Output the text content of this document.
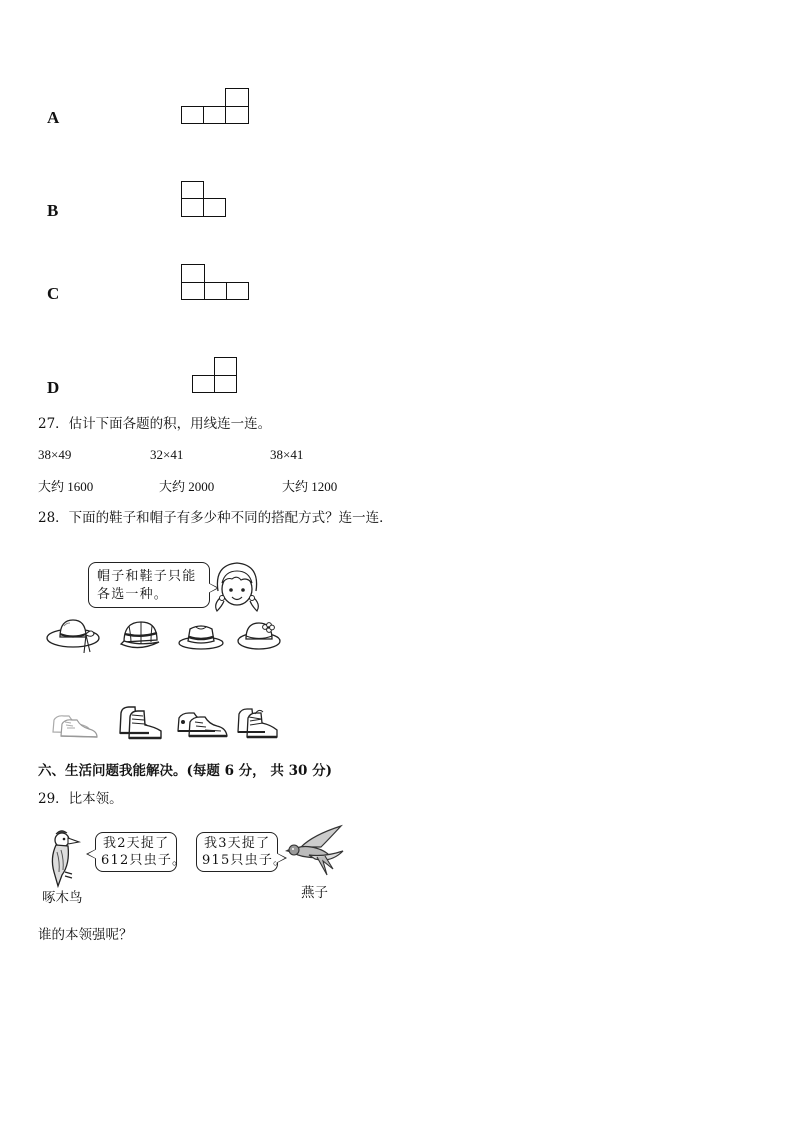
A
B
C
D
27．估计下面各题的积，用线连一连。
38×49	32×41	38×41
大约 1600	大约 2000	大约 1200
28．下面的鞋子和帽子有多少种不同的搭配方式？连一连．
帽子和鞋子只能
各选一种。
六、生活问题我能解决。(每题 6 分， 共 30 分)
29．比本领。
啄木鸟
我2天捉了
612只虫子。
我3天捉了
915只虫子。
燕子
谁的本领强呢？
